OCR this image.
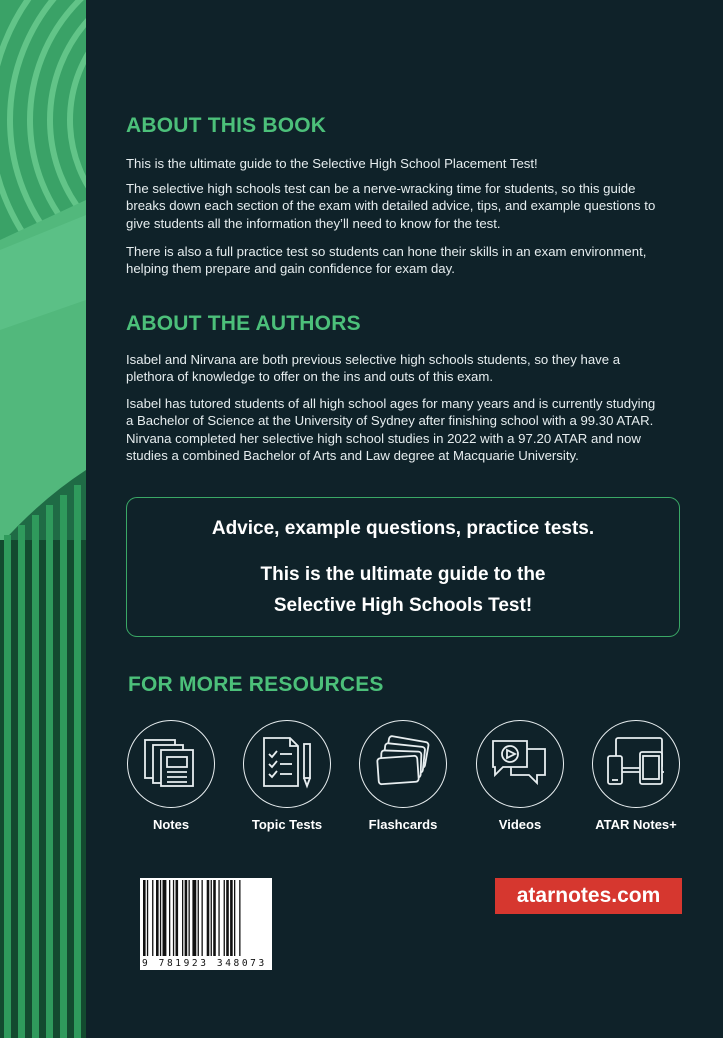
ABOUT THIS BOOK

This is the ultimate guide to the Selective High School Placement Test!

The selective high schools test can be a nerve-wracking time for students, so this guide breaks down each section of the exam with detailed advice, tips, and example questions to give students all the information they’ll need to know for the test.

There is also a full practice test so students can hone their skills in an exam environment, helping them prepare and gain confidence for exam day.

ABOUT THE AUTHORS

Isabel and Nirvana are both previous selective high schools students, so they have a plethora of knowledge to offer on the ins and outs of this exam.

Isabel has tutored students of all high school ages for many years and is currently studying a Bachelor of Science at the University of Sydney after finishing school with a 99.30 ATAR. Nirvana completed her selective high school studies in 2022 with a 97.20 ATAR and now studies a combined Bachelor of Arts and Law degree at Macquarie University.

Advice, example questions, practice tests.
This is the ultimate guide to the
Selective High Schools Test!
FOR MORE RESOURCES
Notes	Topic Tests	Flashcards	Videos	ATAR Notes+
9 781923 348073
atarnotes.com
